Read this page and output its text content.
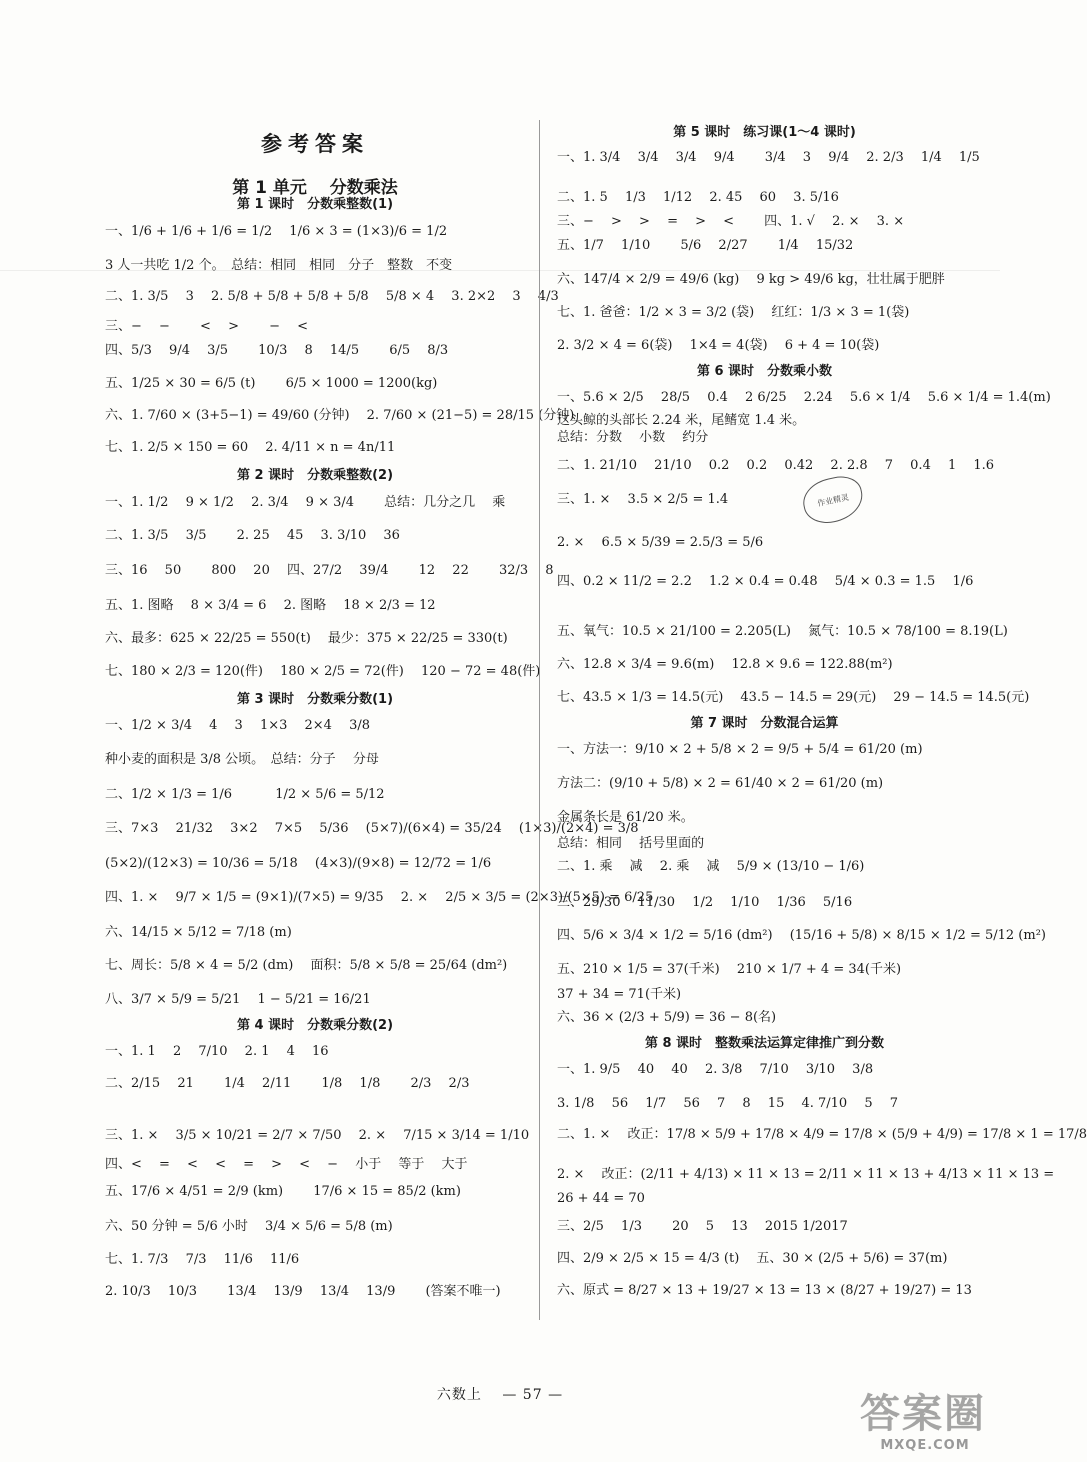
参考答案
第 1 单元　 分数乘法
第 1 课时　分数乘整数(1)
一、1/6 + 1/6 + 1/6 = 1/2　 1/6 × 3 = (1×3)/6 = 1/2
3 人一共吃 1/2 个。　总结：相同　相同　分子　整数　不变
二、1. 3/5　 3　 2. 5/8 + 5/8 + 5/8 + 5/8　 5/8 × 4　 3. 2×2　 3　 4/3
三、−　 −　　 <　 >　　 −　 <
四、5/3　 9/4　 3/5　　 10/3　 8　 14/5　　 6/5　 8/3
五、1/25 × 30 = 6/5 (t)　　 6/5 × 1000 = 1200(kg)
六、1. 7/60 × (3+5−1) = 49/60 (分钟)　 2. 7/60 × (21−5) = 28/15 (分钟)
七、1. 2/5 × 150 = 60　 2. 4/11 × n = 4n/11
第 2 课时　分数乘整数(2)
一、1. 1/2　 9 × 1/2　 2. 3/4　 9 × 3/4　　 总结：几分之几　 乘
二、1. 3/5　 3/5　　 2. 25　 45　 3. 3/10　 36
三、16　 50　　 800　 20　 四、27/2　 39/4　　 12　 22　　 32/3　 8
五、1. 图略　 8 × 3/4 = 6　 2. 图略　 18 × 2/3 = 12
六、最多：625 × 22/25 = 550(t)　 最少：375 × 22/25 = 330(t)
七、180 × 2/3 = 120(件)　 180 × 2/5 = 72(件)　 120 − 72 = 48(件)
第 3 课时　分数乘分数(1)
一、1/2 × 3/4　 4　 3　 1×3　 2×4　 3/8
种小麦的面积是 3/8 公顷。　总结：分子　 分母
二、1/2 × 1/3 = 1/6　　　 1/2 × 5/6 = 5/12
三、7×3　 21/32　 3×2　 7×5　 5/36　 (5×7)/(6×4) = 35/24　 (1×3)/(2×4) = 3/8
(5×2)/(12×3) = 10/36 = 5/18　 (4×3)/(9×8) = 12/72 = 1/6
四、1. ×　 9/7 × 1/5 = (9×1)/(7×5) = 9/35　 2. ×　 2/5 × 3/5 = (2×3)/(5×5) = 6/25
六、14/15 × 5/12 = 7/18 (m)
七、周长：5/8 × 4 = 5/2 (dm)　 面积：5/8 × 5/8 = 25/64 (dm²)
八、3/7 × 5/9 = 5/21　 1 − 5/21 = 16/21
第 4 课时　分数乘分数(2)
一、1. 1　 2　 7/10　 2. 1　 4　 16
二、2/15　 21　　 1/4　 2/11　　 1/8　 1/8　　 2/3　 2/3
三、1. ×　 3/5 × 10/21 = 2/7 × 7/50　 2. ×　 7/15 × 3/14 = 1/10
四、<　 =　 <　 <　 =　 >　 <　 −　 小于　 等于　 大于
五、17/6 × 4/51 = 2/9 (km)　　 17/6 × 15 = 85/2 (km)
六、50 分钟 = 5/6 小时　 3/4 × 5/6 = 5/8 (m)
七、1. 7/3　 7/3　 11/6　 11/6
2. 10/3　 10/3　　 13/4　 13/9　 13/4　 13/9　　 (答案不唯一)
第 5 课时　练习课(1～4 课时)
一、1. 3/4　 3/4　 3/4　 9/4　　 3/4　 3　 9/4　 2. 2/3　 1/4　 1/5
二、1. 5　 1/3　 1/12　 2. 45　 60　 3. 5/16
三、−　 >　 >　 =　 >　 <　　 四、1. √　 2. ×　 3. ×
五、1/7　 1/10　　 5/6　 2/27　　 1/4　 15/32
六、147/4 × 2/9 = 49/6 (kg)　 9 kg > 49/6 kg，壮壮属于肥胖
七、1. 爸爸：1/2 × 3 = 3/2 (袋)　 红红：1/3 × 3 = 1(袋)
2. 3/2 × 4 = 6(袋)　 1×4 = 4(袋)　 6 + 4 = 10(袋)
第 6 课时　分数乘小数
一、5.6 × 2/5　 28/5　 0.4　 2 6/25　 2.24　 5.6 × 1/4　 5.6 × 1/4 = 1.4(m)
这头鲸的头部长 2.24 米，尾鳍宽 1.4 米。
总结：分数　 小数　 约分
二、1. 21/10　 21/10　 0.2　 0.2　 0.42　 2. 2.8　 7　 0.4　 1　 1.6
三、1. ×　 3.5 × 2/5 = 1.4
2. ×　 6.5 × 5/39 = 2.5/3 = 5/6
四、0.2 × 11/2 = 2.2　 1.2 × 0.4 = 0.48　 5/4 × 0.3 = 1.5　 1/6
五、氧气：10.5 × 21/100 = 2.205(L)　 氮气：10.5 × 78/100 = 8.19(L)
六、12.8 × 3/4 = 9.6(m)　 12.8 × 9.6 = 122.88(m²)
七、43.5 × 1/3 = 14.5(元)　 43.5 − 14.5 = 29(元)　 29 − 14.5 = 14.5(元)
第 7 课时　分数混合运算
一、方法一：9/10 × 2 + 5/8 × 2 = 9/5 + 5/4 = 61/20 (m)
方法二：(9/10 + 5/8) × 2 = 61/40 × 2 = 61/20 (m)
金属条长是 61/20 米。
总结：相同　 括号里面的
二、1. 乘　 减　 2. 乘　 减　 5/9 × (13/10 − 1/6)
三、29/30　 11/30　 1/2　 1/10　 1/36　 5/16
四、5/6 × 3/4 × 1/2 = 5/16 (dm²)　 (15/16 + 5/8) × 8/15 × 1/2 = 5/12 (m²)
五、210 × 1/5 = 37(千米)　 210 × 1/7 + 4 = 34(千米)
37 + 34 = 71(千米)
六、36 × (2/3 + 5/9) = 36 − 8(名)
第 8 课时　整数乘法运算定律推广到分数
一、1. 9/5　 40　 40　 2. 3/8　 7/10　 3/10　 3/8
3. 1/8　 56　 1/7　 56　 7　 8　 15　 4. 7/10　 5　 7
二、1. ×　 改正：17/8 × 5/9 + 17/8 × 4/9 = 17/8 × (5/9 + 4/9) = 17/8 × 1 = 17/8
2. ×　 改正：(2/11 + 4/13) × 11 × 13 = 2/11 × 11 × 13 + 4/13 × 11 × 13 =
26 + 44 = 70
三、2/5　 1/3　　 20　 5　 13　 2015 1/2017
四、2/9 × 2/5 × 15 = 4/3 (t)　 五、30 × (2/5 + 5/6) = 37(m)
六、原式 = 8/27 × 13 + 19/27 × 13 = 13 × (8/27 + 19/27) = 13
作业精灵
六数上　 — 57 —	答案圈
MXQE.COM
